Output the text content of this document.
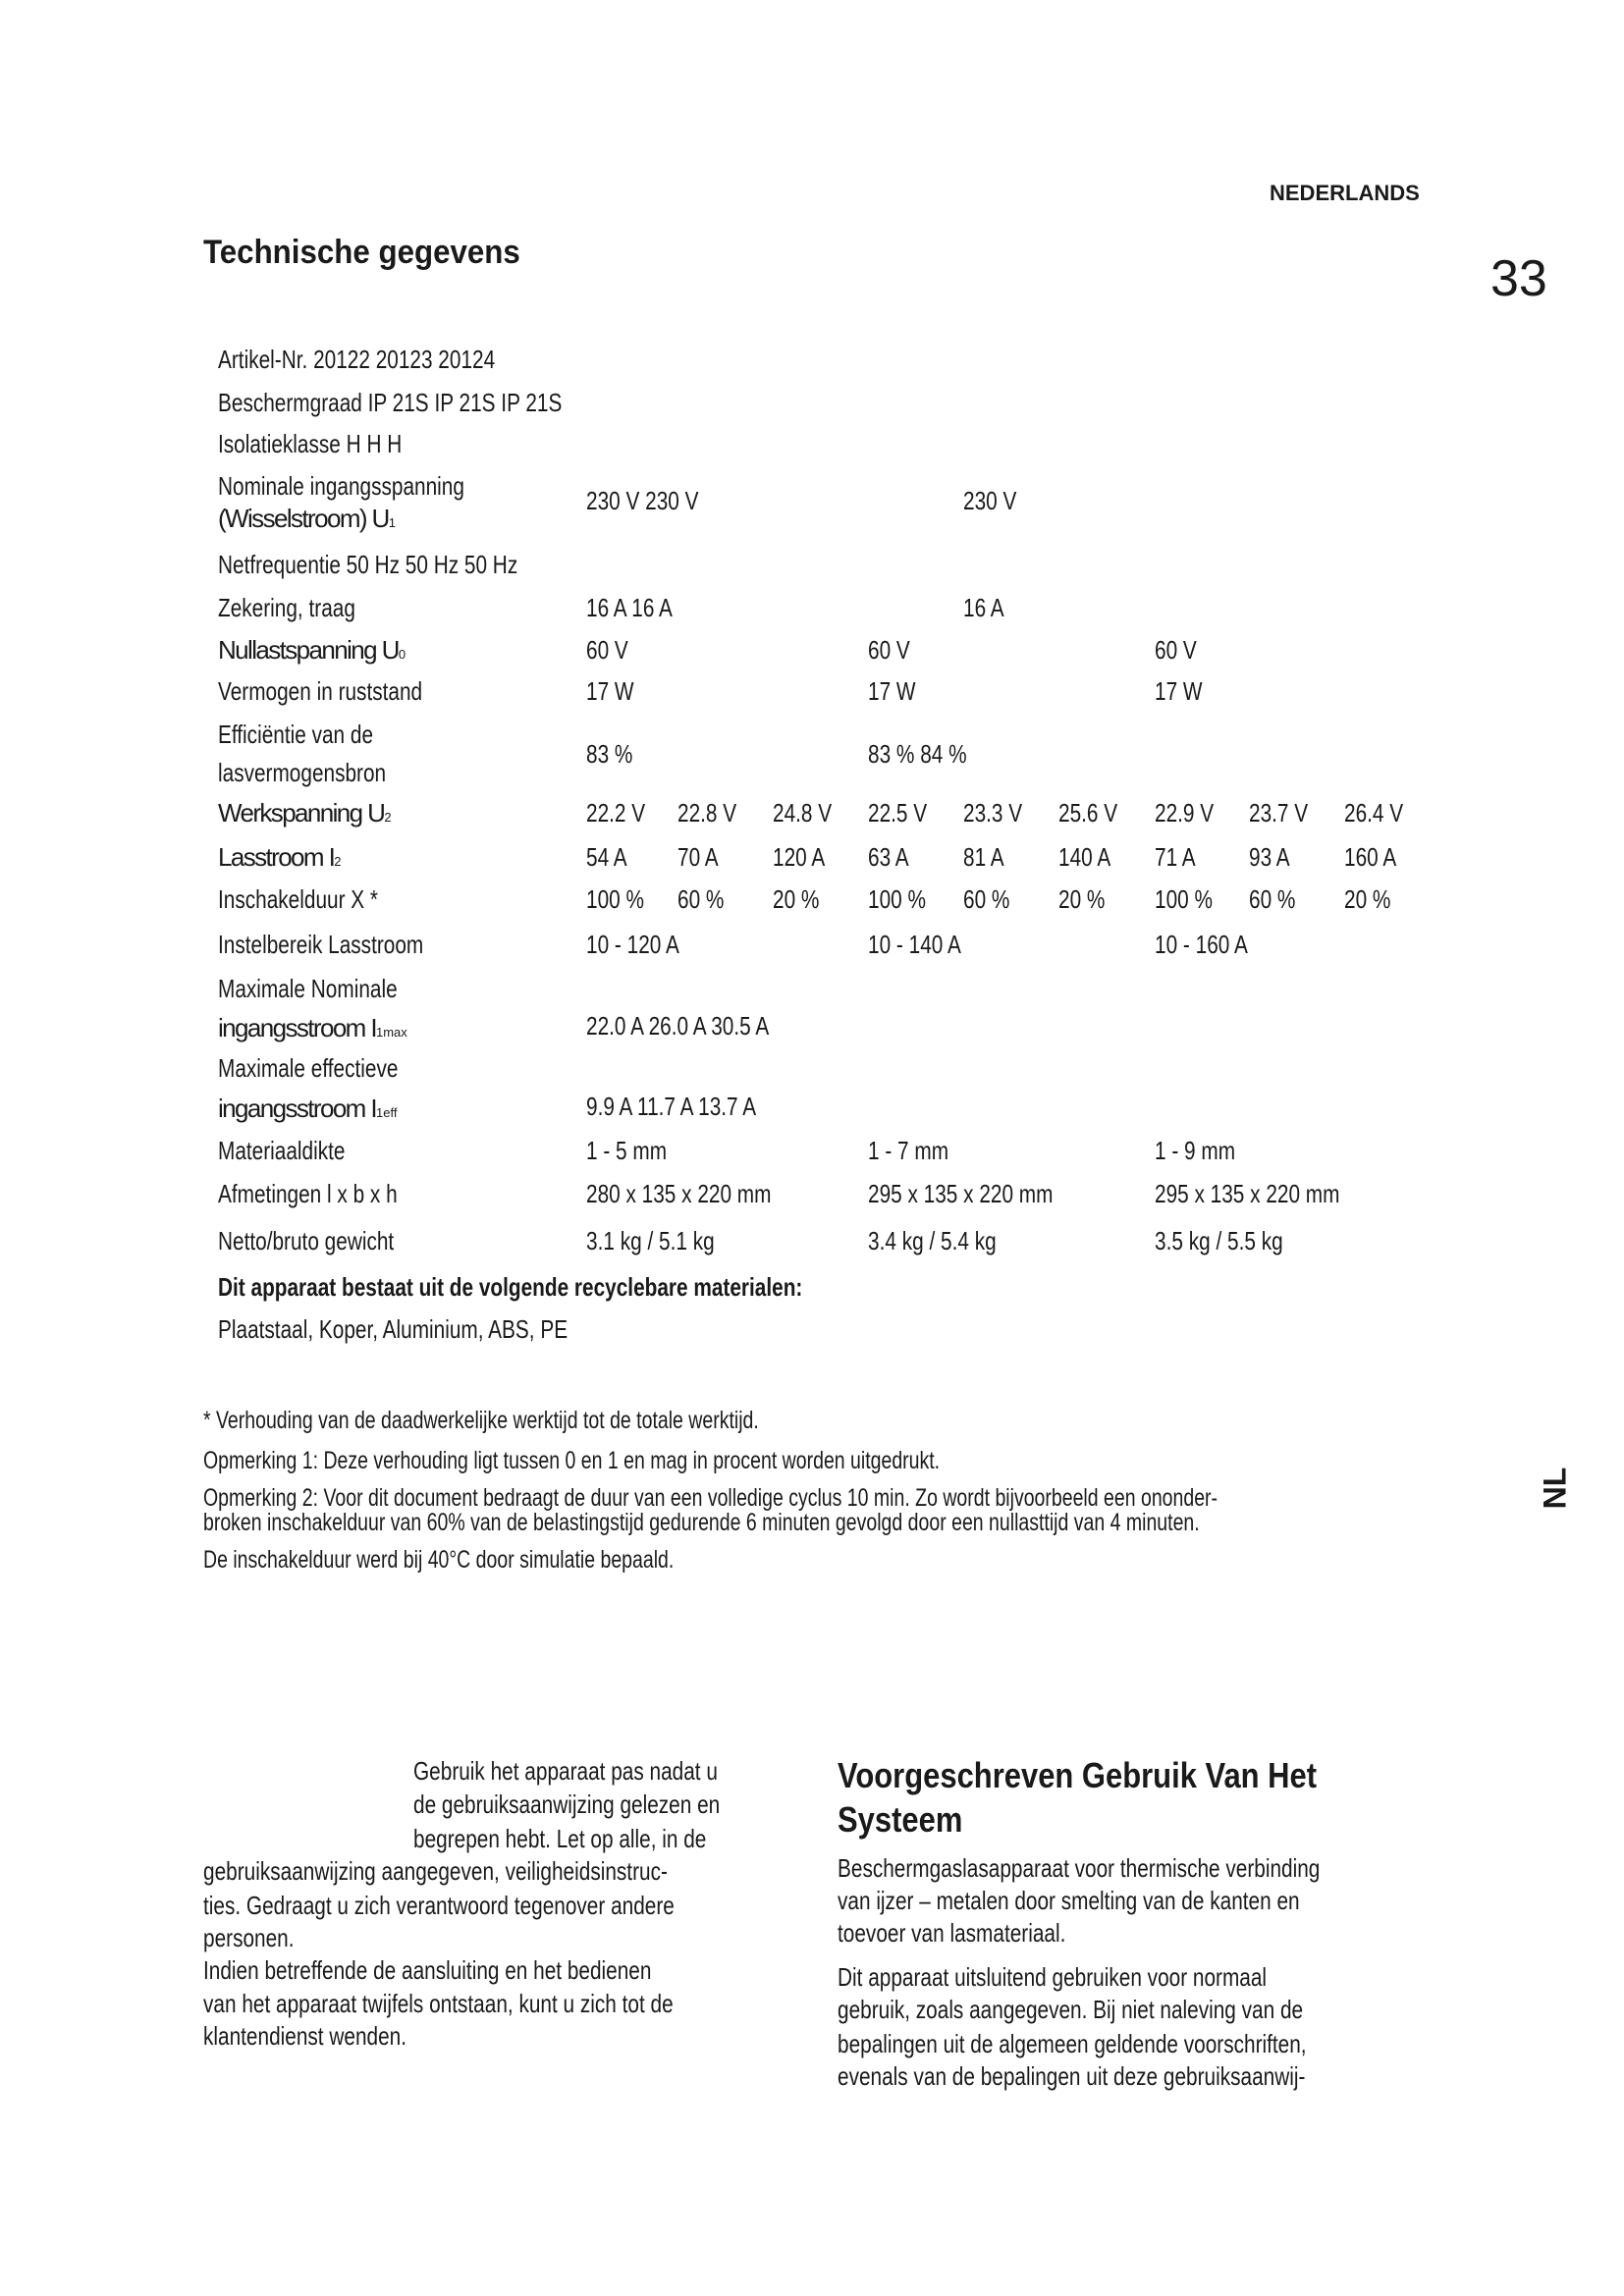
NEDERLANDS
33
Technische gegevens
NL
Artikel-Nr. 20122 20123 20124
Beschermgraad IP 21S IP 21S IP 21S
Isolatieklasse H H H
Nominale ingangsspanning
(Wisselstroom) U 1
230 V 230 V	230 V
Netfrequentie 50 Hz 50 Hz 50 Hz
Zekering, traag	16 A 16 A	16 A
Nullastspanning U 0	60 V	60 V	60 V
Vermogen in ruststand	17 W	17 W	17 W
Efficiëntie van de
lasvermogensbron
83 %	83 % 84 %
Werkspanning U 2	22.2 V	22.8 V	24.8 V	22.5 V	23.3 V	25.6 V	22.9 V	23.7 V	26.4 V
Lasstroom I 2	54 A	70 A	120 A	63 A	81 A	140 A	71 A	93 A	160 A
Inschakelduur X *	100 %	60 %	20 %	100 %	60 %	20 %	100 %	60 %	20 %
Instelbereik Lasstroom	10 - 120 A	10 - 140 A	10 - 160 A
Maximale Nominale
ingangsstroom I 1max	22.0 A 26.0 A 30.5 A
Maximale effectieve
ingangsstroom I 1eff	9.9 A 11.7 A 13.7 A
Materiaaldikte	1 - 5 mm	1 - 7 mm	1 - 9 mm
Afmetingen l x b x h	280 x 135 x 220 mm	295 x 135 x 220 mm	295 x 135 x 220 mm
Netto/bruto gewicht	3.1 kg / 5.1 kg	3.4 kg / 5.4 kg	3.5 kg / 5.5 kg
Dit apparaat bestaat uit de volgende recyclebare materialen:
Plaatstaal, Koper, Aluminium, ABS, PE
* Verhouding van de daadwerkelijke werktijd tot de totale werktijd.
Opmerking 1: Deze verhouding ligt tussen 0 en 1 en mag in procent worden uitgedrukt.
Opmerking 2: Voor dit document bedraagt de duur van een volledige cyclus 10 min. Zo wordt bijvoorbeeld een ononder-
broken inschakelduur van 60% van de belastingstijd gedurende 6 minuten gevolgd door een nullasttijd van 4 minuten.
De inschakelduur werd bij 40°C door simulatie bepaald.
Gebruik het apparaat pas nadat u
de gebruiksaanwijzing gelezen en
begrepen hebt. Let op alle, in de
gebruiksaanwijzing aangegeven, veiligheidsinstruc-
ties. Gedraagt u zich verantwoord tegenover andere
personen.
Indien betreffende de aansluiting en het bedienen
van het apparaat twijfels ontstaan, kunt u zich tot de
klantendienst wenden.
Voorgeschreven Gebruik Van Het
Systeem
Beschermgaslasapparaat voor thermische verbinding
van ijzer – metalen door smelting van de kanten en
toevoer van lasmateriaal.
Dit apparaat uitsluitend gebruiken voor normaal
gebruik, zoals aangegeven. Bij niet naleving van de
bepalingen uit de algemeen geldende voorschriften,
evenals van de bepalingen uit deze gebruiksaanwij-
